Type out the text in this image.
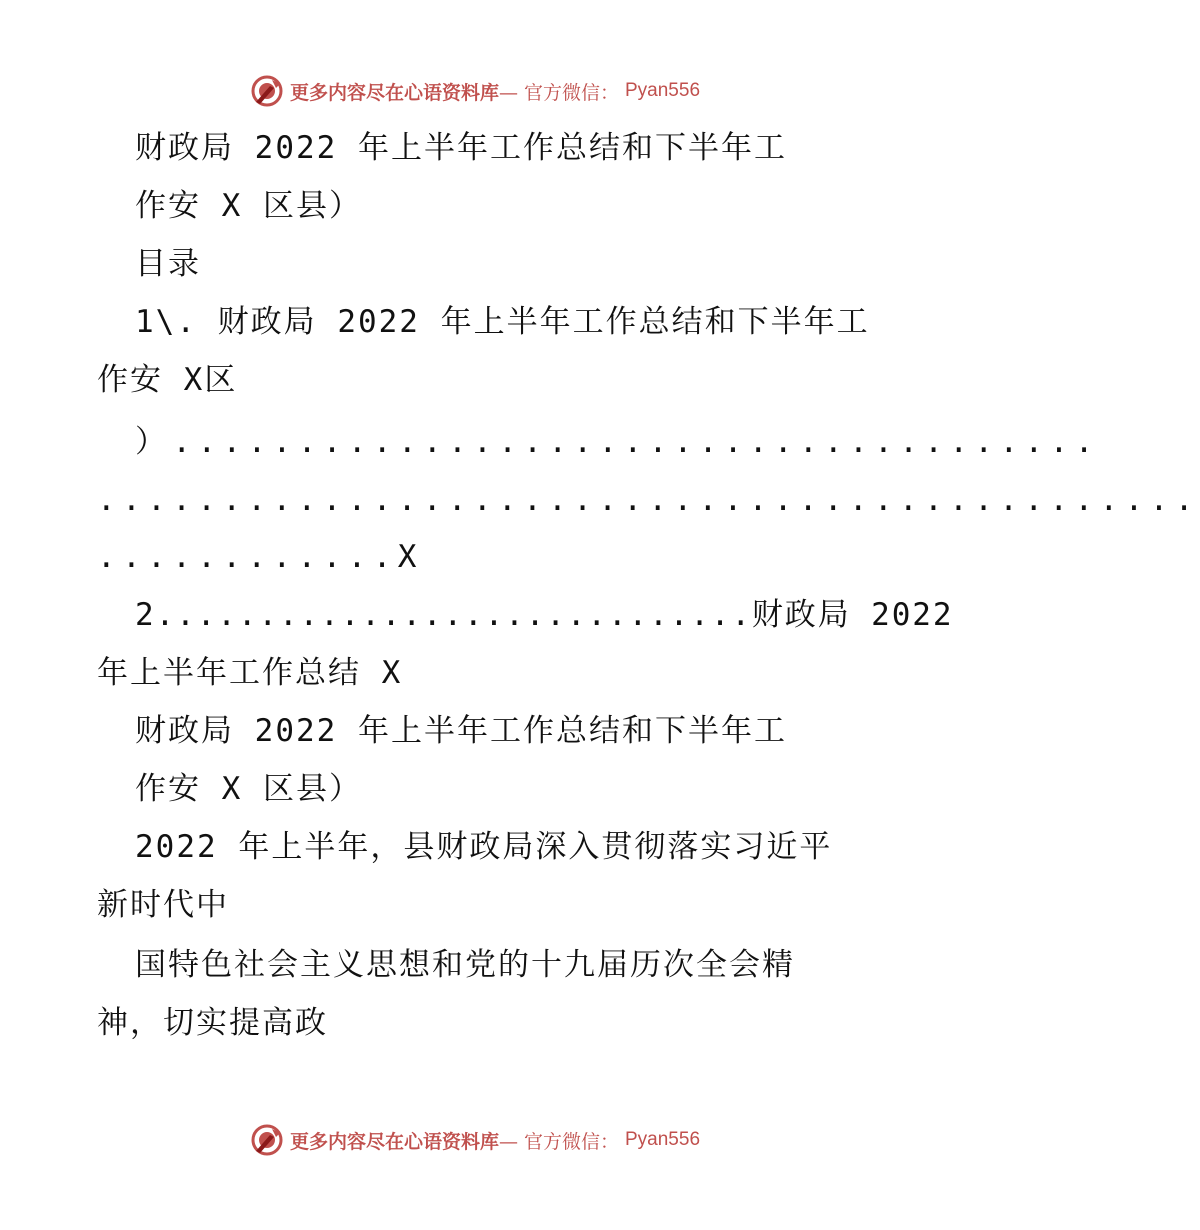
更多内容尽在心语资料库— 官方微信： Pyan556
财政局 2022 年上半年工作总结和下半年工
作安 X 区县）
目录
1\. 财政局 2022 年上半年工作总结和下半年工
作安 X区
）.....................................
............................................
............X
2.............................财政局 2022
年上半年工作总结 X
财政局 2022 年上半年工作总结和下半年工
作安 X 区县）
2022 年上半年，县财政局深入贯彻落实习近平
新时代中
国特色社会主义思想和党的十九届历次全会精
神，切实提高政
更多内容尽在心语资料库— 官方微信： Pyan556
